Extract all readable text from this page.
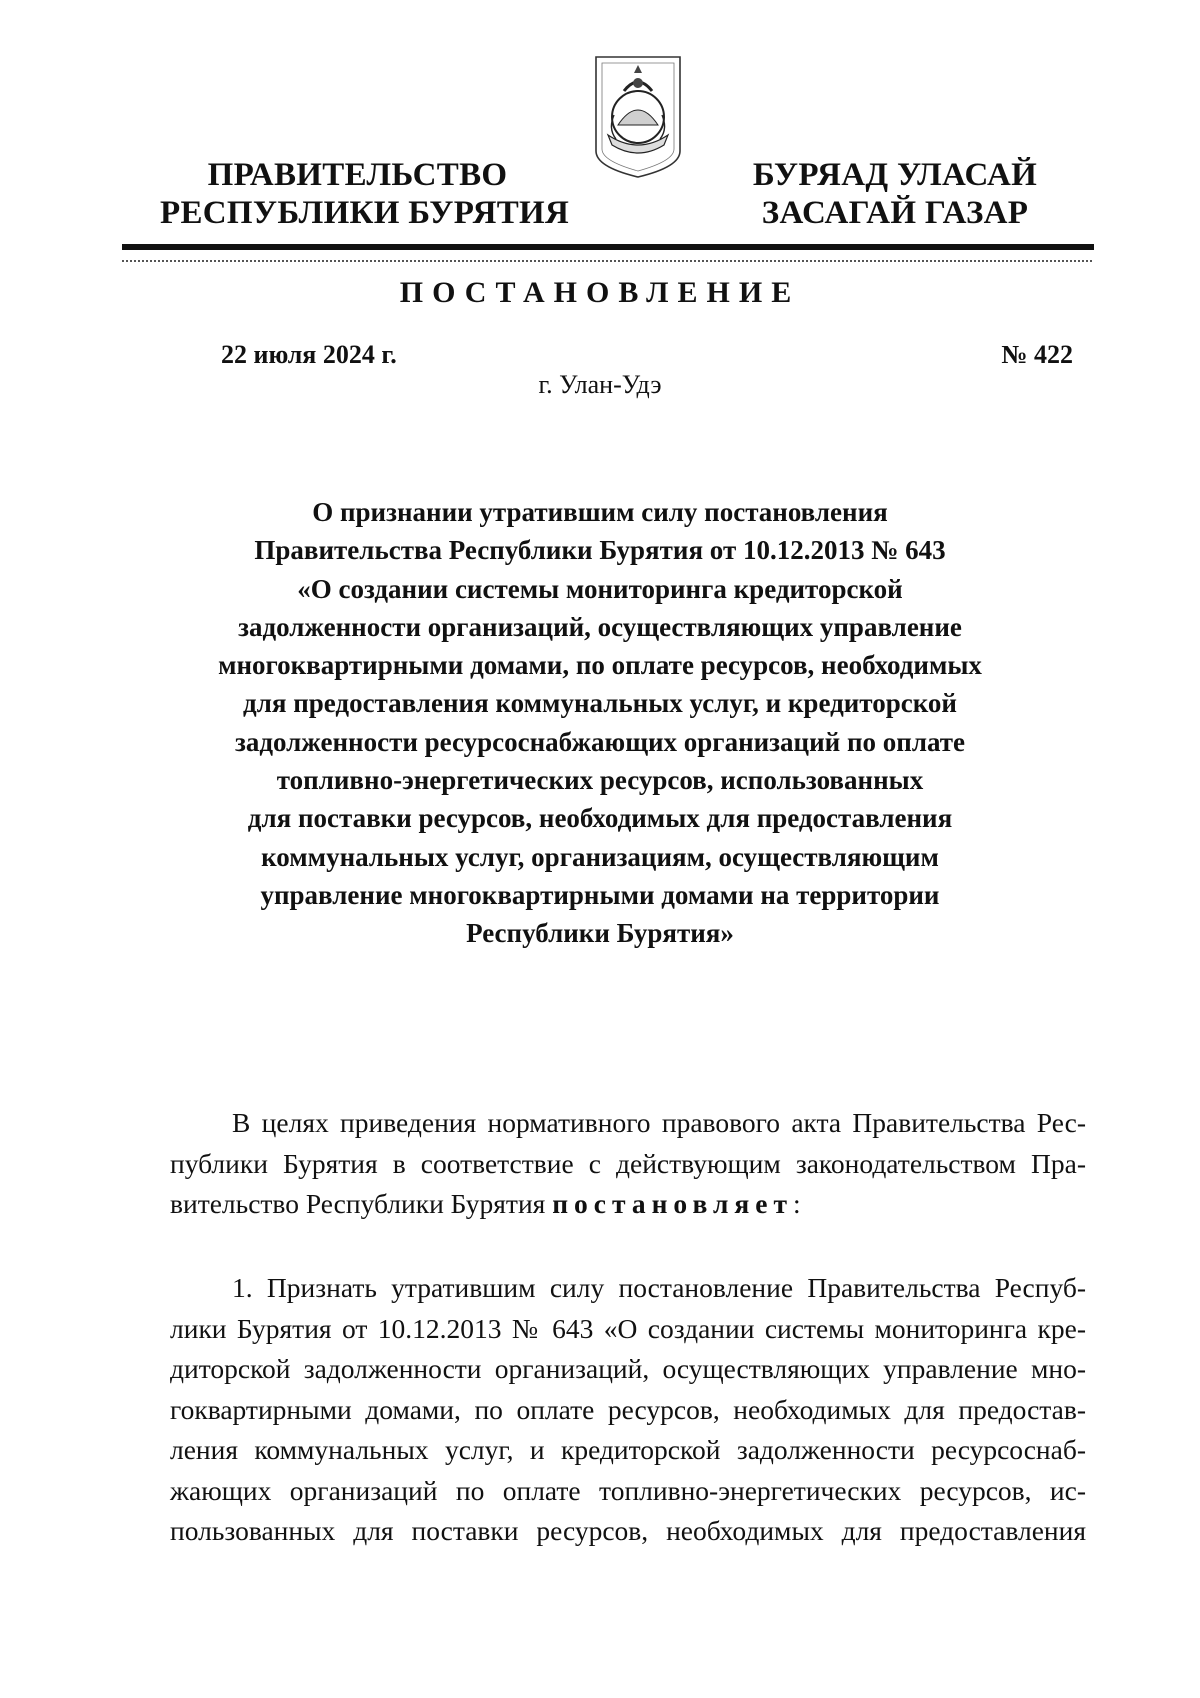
ПРАВИТЕЛЬСТВО
РЕСПУБЛИКИ БУРЯТИЯ
БУРЯАД УЛАСАЙ
ЗАСАГАЙ ГАЗАР
ПОСТАНОВЛЕНИЕ
22 июля 2024 г.	№ 422
г. Улан-Удэ
О признании утратившим силу постановления
Правительства Республики Бурятия от 10.12.2013 № 643
«О создании системы мониторинга кредиторской
задолженности организаций, осуществляющих управление
многоквартирными домами, по оплате ресурсов, необходимых
для предоставления коммунальных услуг, и кредиторской
задолженности ресурсоснабжающих организаций по оплате
топливно-энергетических ресурсов, использованных
для поставки ресурсов, необходимых для предоставления
коммунальных услуг, организациям, осуществляющим
управление многоквартирными домами на территории
Республики Бурятия»
В целях приведения нормативного правового акта Правительства Рес-
публики Бурятия в соответствие с действующим законодательством Пра-
вительство Республики Бурятия постановляет:
1. Признать утратившим силу постановление Правительства Респуб-
лики Бурятия от 10.12.2013 № 643 «О создании системы мониторинга кре-
диторской задолженности организаций, осуществляющих управление мно-
гоквартирными домами, по оплате ресурсов, необходимых для предостав-
ления коммунальных услуг, и кредиторской задолженности ресурсоснаб-
жающих организаций по оплате топливно-энергетических ресурсов, ис-
пользованных для поставки ресурсов, необходимых для предоставления
